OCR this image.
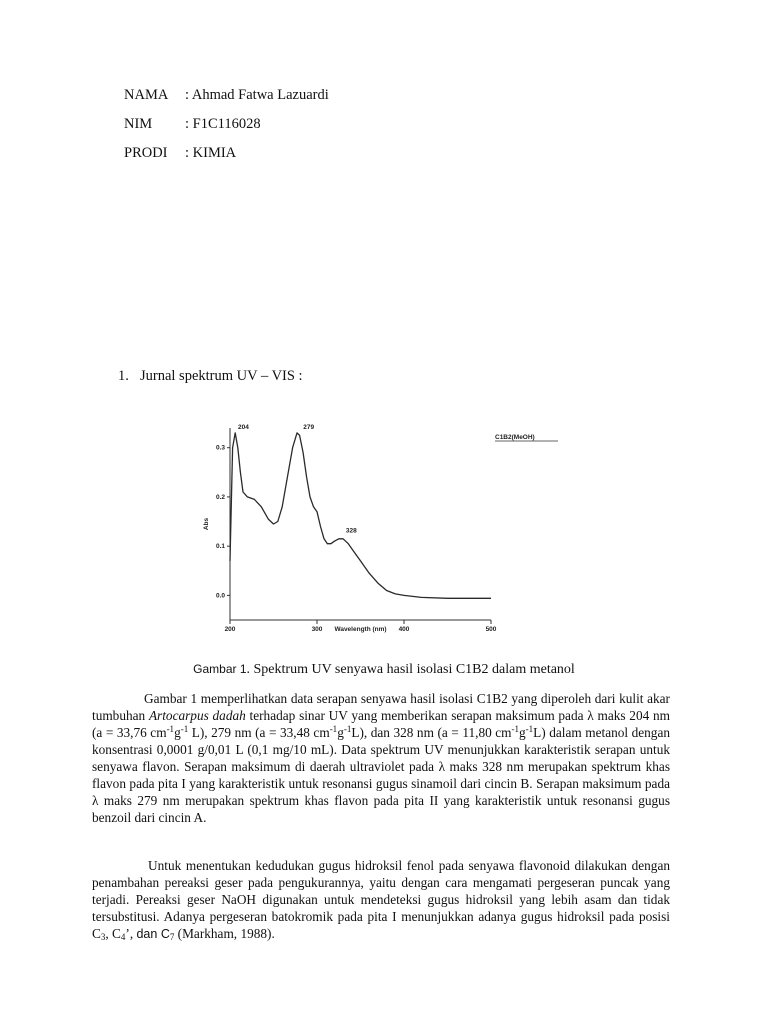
NAMA : Ahmad Fatwa Lazuardi
NIM : F1C116028
PRODI : KIMIA
1. Jurnal spektrum UV – VIS :
200	300	400	500
0.3
0.2
0.1
0.0
Wavelength (nm)
Abs
C1B2(MeOH)
204	279
328
Gambar 1. Spektrum UV senyawa hasil isolasi C1B2 dalam metanol

Gambar 1 memperlihatkan data serapan senyawa hasil isolasi C1B2 yang diperoleh dari kulit akar tumbuhan Artocarpus dadah terhadap sinar UV yang memberikan serapan maksimum pada λ maks 204 nm (a = 33,76 $cm^{-1}g^{-1}$ L), 279 nm (a = 33,48 $cm^{-1}g^{-1}L$), dan 328 nm (a = 11,80 $cm^{-1}g^{-1}L$) dalam metanol dengan konsentrasi 0,0001 g/0,01 L (0,1 mg/10 mL). Data spektrum UV menunjukkan karakteristik serapan untuk senyawa flavon. Serapan maksimum di daerah ultraviolet pada λ maks 328 nm merupakan spektrum khas flavon pada pita I yang karakteristik untuk resonansi gugus sinamoil dari cincin B. Serapan maksimum pada λ maks 279 nm merupakan spektrum khas flavon pada pita II yang karakteristik untuk resonansi gugus benzoil dari cincin A.

Untuk menentukan kedudukan gugus hidroksil fenol pada senyawa flavonoid dilakukan dengan penambahan pereaksi geser pada pengukurannya, yaitu dengan cara mengamati pergeseran puncak yang terjadi. Pereaksi geser NaOH digunakan untuk mendeteksi gugus hidroksil yang lebih asam dan tidak tersubstitusi. Adanya pergeseran batokromik pada pita I menunjukkan adanya gugus hidroksil pada posisi $C_3$, $C_4$’, dan $C_7$ (Markham, 1988).
